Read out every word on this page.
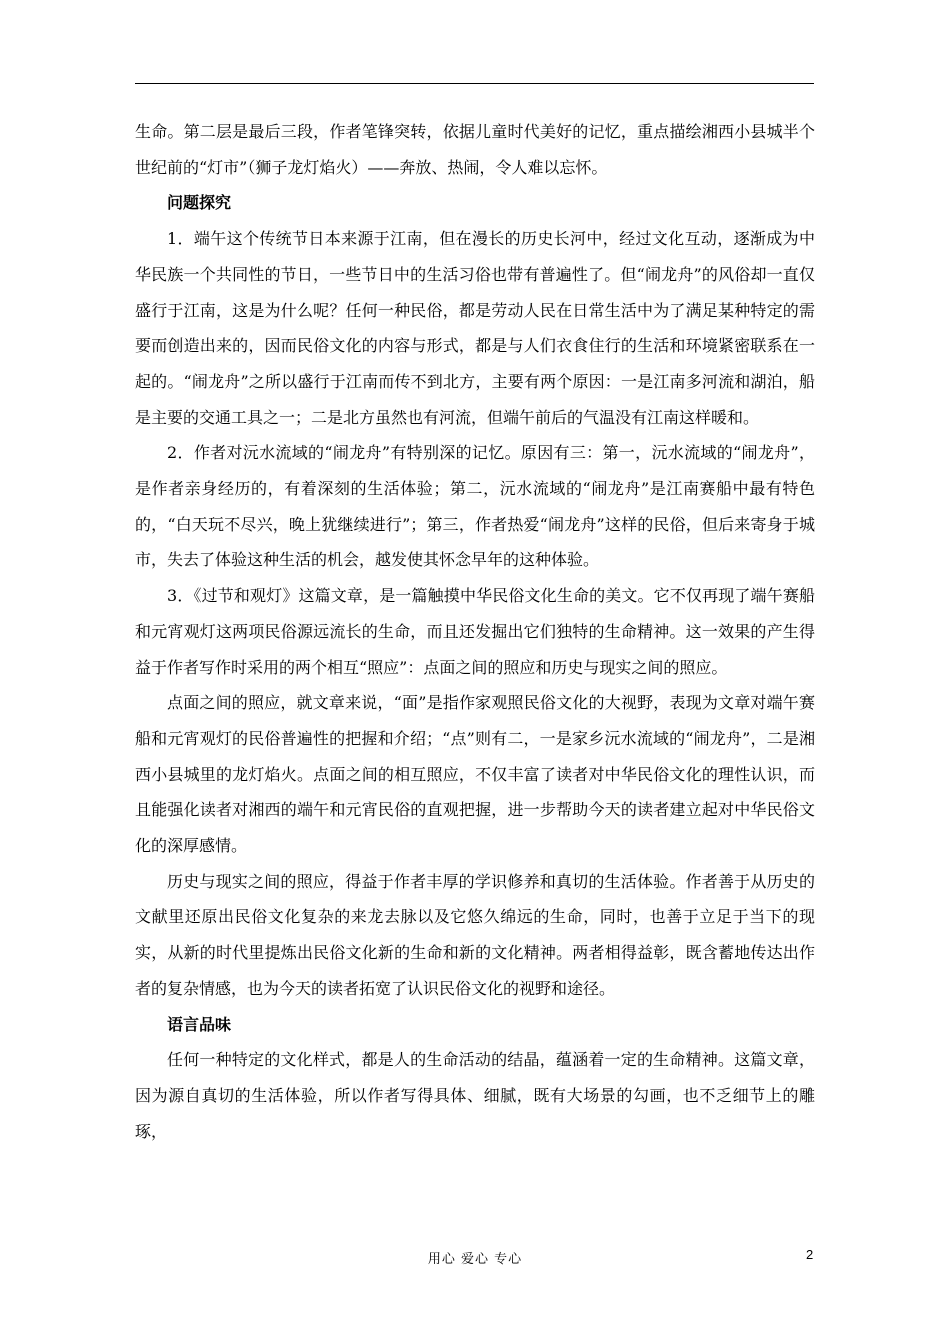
生命。第二层是最后三段，作者笔锋突转，依据儿童时代美好的记忆，重点描绘湘西小县城半个世纪前的“灯市”（狮子龙灯焰火）——奔放、热闹，令人难以忘怀。

问题探究

1．端午这个传统节日本来源于江南，但在漫长的历史长河中，经过文化互动，逐渐成为中华民族一个共同性的节日，一些节日中的生活习俗也带有普遍性了。但“闹龙舟”的风俗却一直仅盛行于江南，这是为什么呢？任何一种民俗，都是劳动人民在日常生活中为了满足某种特定的需要而创造出来的，因而民俗文化的内容与形式，都是与人们衣食住行的生活和环境紧密联系在一起的。“闹龙舟”之所以盛行于江南而传不到北方，主要有两个原因：一是江南多河流和湖泊，船是主要的交通工具之一；二是北方虽然也有河流，但端午前后的气温没有江南这样暖和。

2．作者对沅水流域的“闹龙舟”有特别深的记忆。原因有三：第一，沅水流域的“闹龙舟”，是作者亲身经历的，有着深刻的生活体验；第二，沅水流域的“闹龙舟”是江南赛船中最有特色的，“白天玩不尽兴，晚上犹继续进行”；第三，作者热爱“闹龙舟”这样的民俗，但后来寄身于城市，失去了体验这种生活的机会，越发使其怀念早年的这种体验。

3．《过节和观灯》这篇文章，是一篇触摸中华民俗文化生命的美文。它不仅再现了端午赛船和元宵观灯这两项民俗源远流长的生命，而且还发掘出它们独特的生命精神。这一效果的产生得益于作者写作时采用的两个相互“照应”：点面之间的照应和历史与现实之间的照应。

点面之间的照应，就文章来说，“面”是指作家观照民俗文化的大视野，表现为文章对端午赛船和元宵观灯的民俗普遍性的把握和介绍；“点”则有二，一是家乡沅水流域的“闹龙舟”，二是湘西小县城里的龙灯焰火。点面之间的相互照应，不仅丰富了读者对中华民俗文化的理性认识，而且能强化读者对湘西的端午和元宵民俗的直观把握，进一步帮助今天的读者建立起对中华民俗文化的深厚感情。

历史与现实之间的照应，得益于作者丰厚的学识修养和真切的生活体验。作者善于从历史的文献里还原出民俗文化复杂的来龙去脉以及它悠久绵远的生命，同时，也善于立足于当下的现实，从新的时代里提炼出民俗文化新的生命和新的文化精神。两者相得益彰，既含蓄地传达出作者的复杂情感，也为今天的读者拓宽了认识民俗文化的视野和途径。

语言品味

任何一种特定的文化样式，都是人的生命活动的结晶，蕴涵着一定的生命精神。这篇文章，因为源自真切的生活体验，所以作者写得具体、细腻，既有大场景的勾画，也不乏细节上的雕琢，

用心 爱心 专心	2
